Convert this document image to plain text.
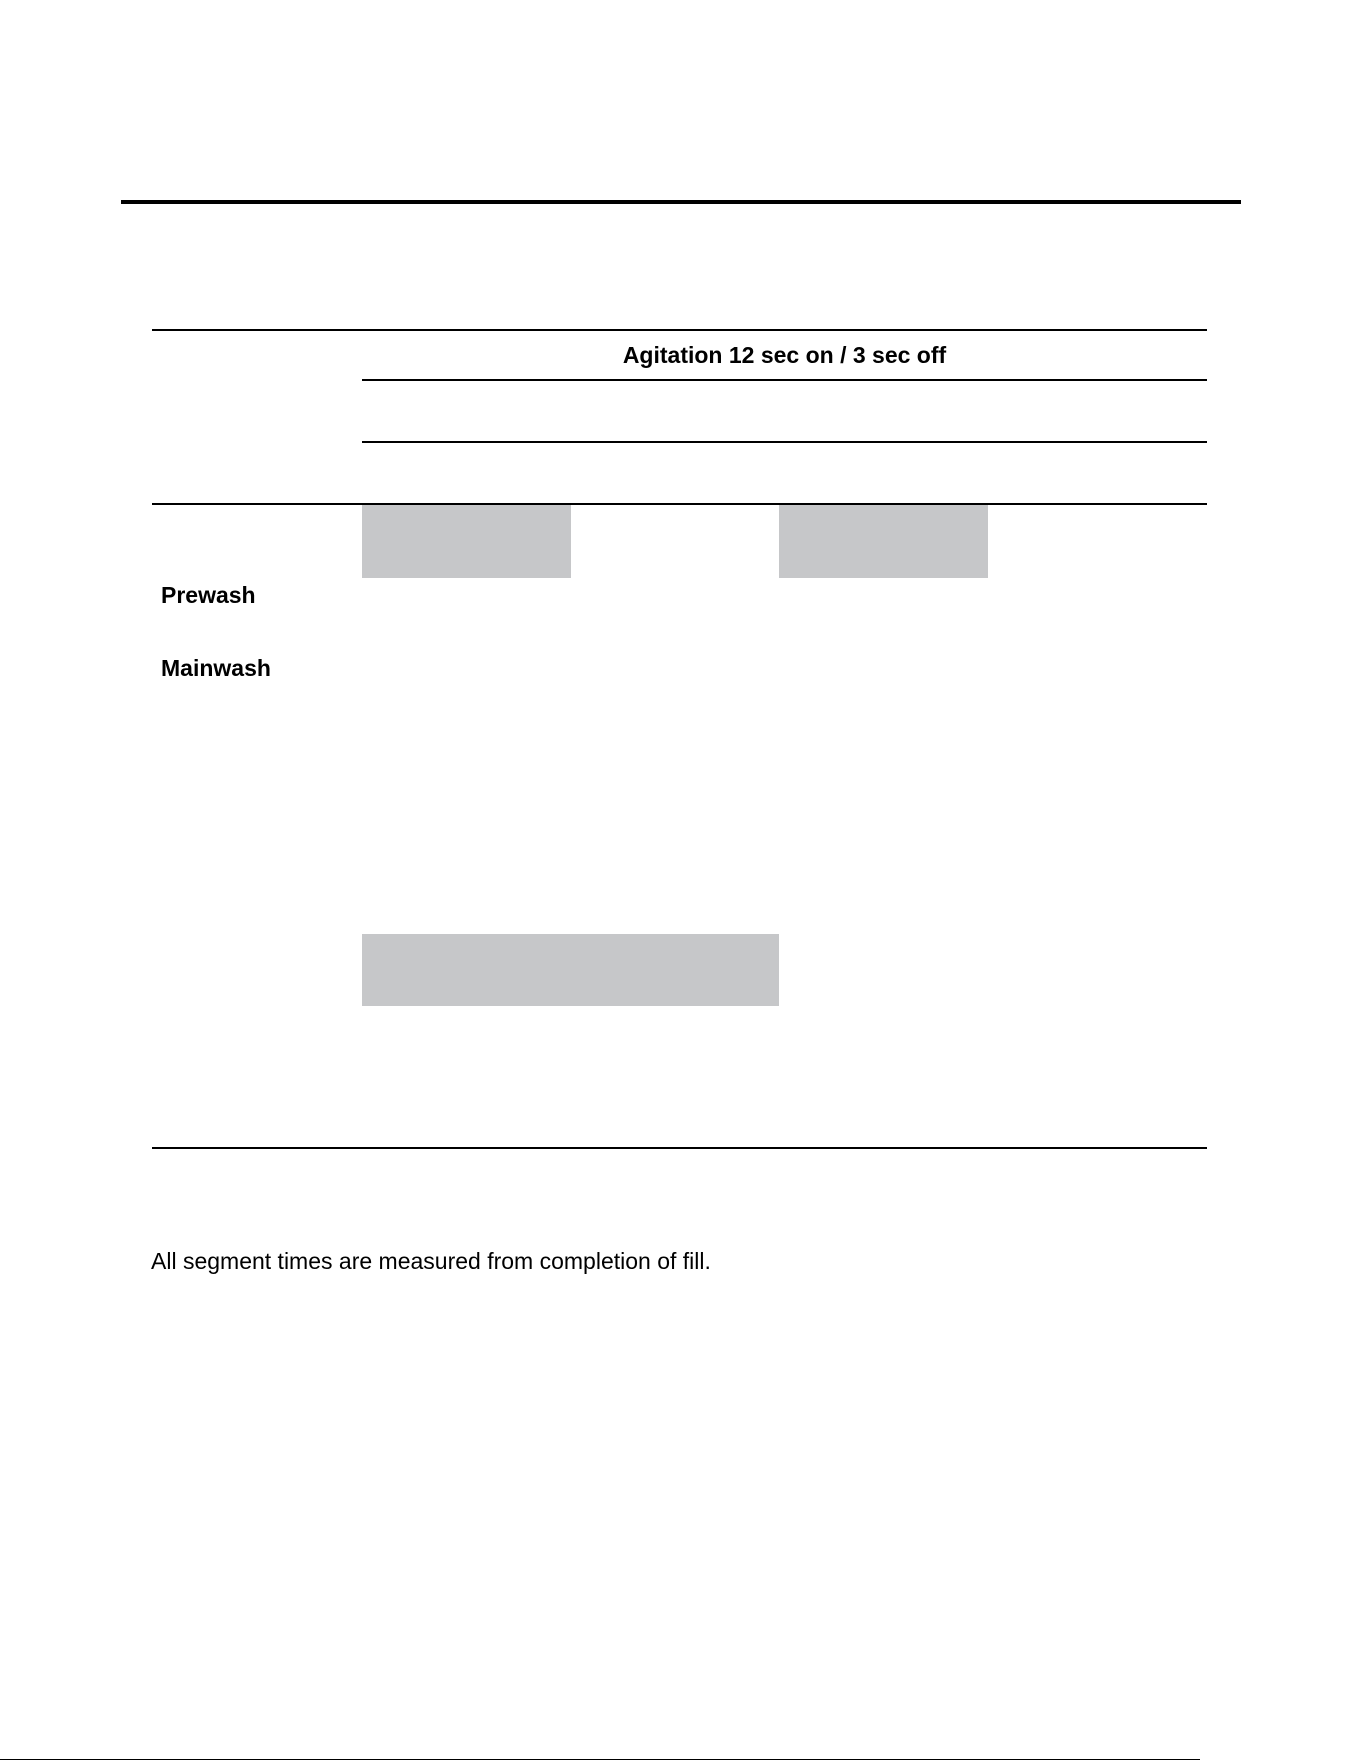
Agitation 12 sec on / 3 sec off
Prewash
Mainwash
All segment times are measured from completion of fill.
